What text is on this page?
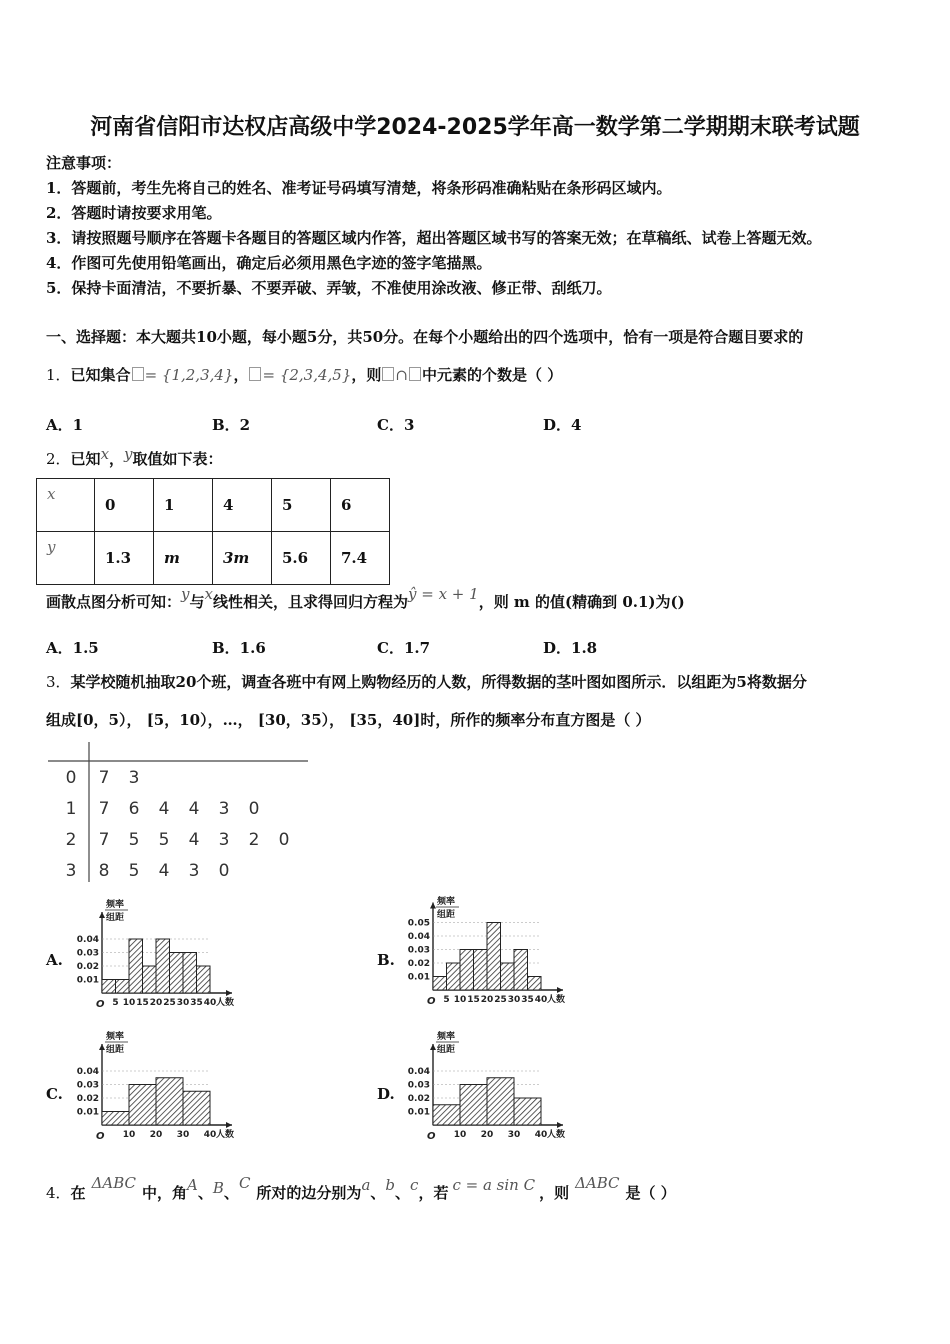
河南省信阳市达权店高级中学2024-2025学年高一数学第二学期期末联考试题
注意事项：
1．答题前，考生先将自己的姓名、准考证号码填写清楚，将条形码准确粘贴在条形码区域内。
2．答题时请按要求用笔。
3．请按照题号顺序在答题卡各题目的答题区域内作答，超出答题区域书写的答案无效；在草稿纸、试卷上答题无效。
4．作图可先使用铅笔画出，确定后必须用黑色字迹的签字笔描黑。
5．保持卡面清洁，不要折暴、不要弄破、弄皱，不准使用涂改液、修正带、刮纸刀。
一、选择题：本大题共10小题，每小题5分，共50分。在每个小题给出的四个选项中，恰有一项是符合题目要求的
1．已知集合 = {1,2,3,4}， = {2,3,4,5}，则 ∩ 中元素的个数是（ ）
A．1	B．2	C．3	D．4
2．已知x，y取值如下表：
x	0	1	4	5	6
y	1.3	m	3m	5.6	7.4
画散点图分析可知：y与x线性相关，且求得回归方程为ŷ = x + 1，则 m 的值(精确到 0.1)为()
A．1.5	B．1.6	C．1.7	D．1.8
3．某学校随机抽取20个班，调查各班中有网上购物经历的人数，所得数据的茎叶图如图所示．以组距为5将数据分
组成[0，5）， [5，10），…， [30，35）， [35，40]时，所作的频率分布直方图是（ ）
0 7 3
1 7 6 4 4 3 0
2 7 5 5 4 3 2 0
3 8 5 4 3 0
A.	B.
C.	D.
频率
组距
0.04
0.03
0.02
0.01
O 5 10 15 20 25 30 35 40 人数
频率
组距
0.05
0.04
0.03
0.02
0.01
O 5 10 15 20 25 30 35 40 人数
频率
组距
0.04
0.03
0.02
0.01
O 10 20 30 40 人数
频率
组距
0.04
0.03
0.02
0.01
O 10 20 30 40 人数
4．在ΔABC中，角A、B、C所对的边分别为a、b、c，若 c = a sin C ，则ΔABC是（ ）
